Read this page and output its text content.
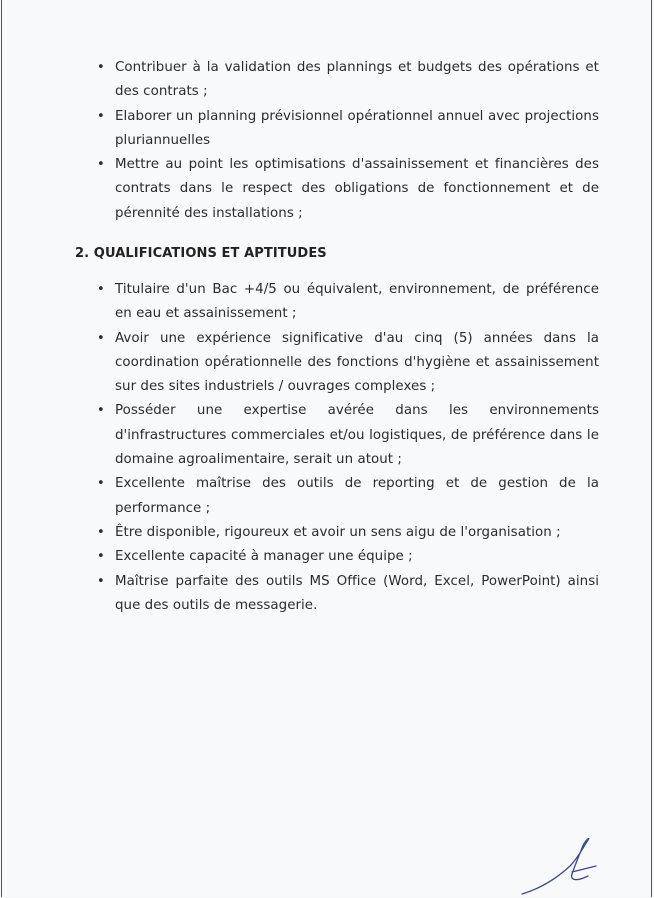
• Contribuer à la validation des plannings et budgets des opérations et des contrats ;
• Elaborer un planning prévisionnel opérationnel annuel avec projections pluriannuelles
• Mettre au point les optimisations d'assainissement et financières des contrats dans le respect des obligations de fonctionnement et de pérennité des installations ;
2. QUALIFICATIONS ET APTITUDES
• Titulaire d'un Bac +4/5 ou équivalent, environnement, de préférence en eau et assainissement ;
• Avoir une expérience significative d'au cinq (5) années dans la coordination opérationnelle des fonctions d'hygiène et assainissement sur des sites industriels / ouvrages complexes ;
• Posséder une expertise avérée dans les environnements d'infrastructures commerciales et/ou logistiques, de préférence dans le domaine agroalimentaire, serait un atout ;
• Excellente maîtrise des outils de reporting et de gestion de la performance ;
• Être disponible, rigoureux et avoir un sens aigu de l'organisation ;
• Excellente capacité à manager une équipe ;
• Maîtrise parfaite des outils MS Office (Word, Excel, PowerPoint) ainsi que des outils de messagerie.
